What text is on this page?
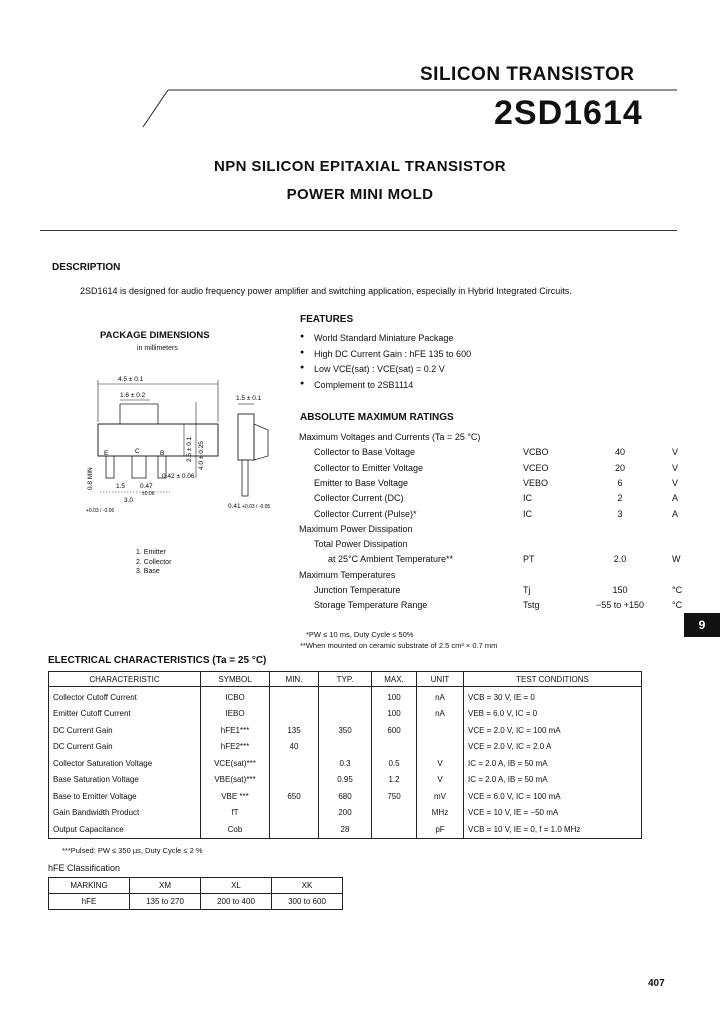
SILICON TRANSISTOR
2SD1614
NPN SILICON EPITAXIAL TRANSISTOR
POWER MINI MOLD
DESCRIPTION
2SD1614 is designed for audio frequency power amplifier and switching application, especially in Hybrid Integrated Circuits.
PACKAGE DIMENSIONS
in millimeters
4.5 ± 0.1
1.6 ± 0.2
E	C	B	2.5 ± 0.1 4.0 ± 0.25
0.8 MIN	1.5 0.47
0.42 ± 0.06
3.0
+0.03 / -0.06
±0.06
1.5 ± 0.1
0.41 +0.03 / -0.05
1. Emitter
2. Collector
3. Base
FEATURES
● World Standard Miniature Package
● High DC Current Gain : hFE 135 to 600
● Low VCE(sat) : VCE(sat) = 0.2 V
● Complement to 2SB1114
ABSOLUTE MAXIMUM RATINGS
Maximum Voltages and Currents (Ta = 25 °C)
Collector to Base Voltage	VCBO	40	V
Collector to Emitter Voltage	VCEO	20	V
Emitter to Base Voltage	VEBO	6	V
Collector Current (DC)	IC	2	A
Collector Current (Pulse)*	IC	3	A
Maximum Power Dissipation
Total Power Dissipation
at 25°C Ambient Temperature**	PT	2.0	W
Maximum Temperatures
Junction Temperature	Tj	150	°C
Storage Temperature Range	Tstg	−55 to +150	°C
*PW ≤ 10 ms, Duty Cycle ≤ 50%
**When mounted on ceramic substrate of 2.5 cm² × 0.7 mm
9
ELECTRICAL CHARACTERISTICS (Ta = 25 °C)
CHARACTERISTIC	SYMBOL	MIN.	TYP.	MAX.	UNIT	TEST CONDITIONS
Collector Cutoff Current	ICBO			100	nA	VCB = 30 V, IE = 0
Emitter Cutoff Current	IEBO			100	nA	VEB = 6.0 V, IC = 0
DC Current Gain	hFE1***	135	350	600		VCE = 2.0 V, IC = 100 mA
DC Current Gain	hFE2***	40				VCE = 2.0 V, IC = 2.0 A
Collector Saturation Voltage	VCE(sat)***		0.3	0.5	V	IC = 2.0 A, IB = 50 mA
Base Saturation Voltage	VBE(sat)***		0.95	1.2	V	IC = 2.0 A, IB = 50 mA
Base to Emitter Voltage	VBE ***	650	680	750	mV	VCE = 6.0 V, IC = 100 mA
Gain Bandwidth Product	fT		200		MHz	VCE = 10 V, IE = −50 mA
Output Capacitance	Cob		28		pF	VCB = 10 V, IE = 0, f = 1.0 MHz
***Pulsed: PW ≤ 350 µs, Duty Cycle ≤ 2 %
hFE Classification
MARKING	XM	XL	XK
hFE	135 to 270	200 to 400	300 to 600
407
